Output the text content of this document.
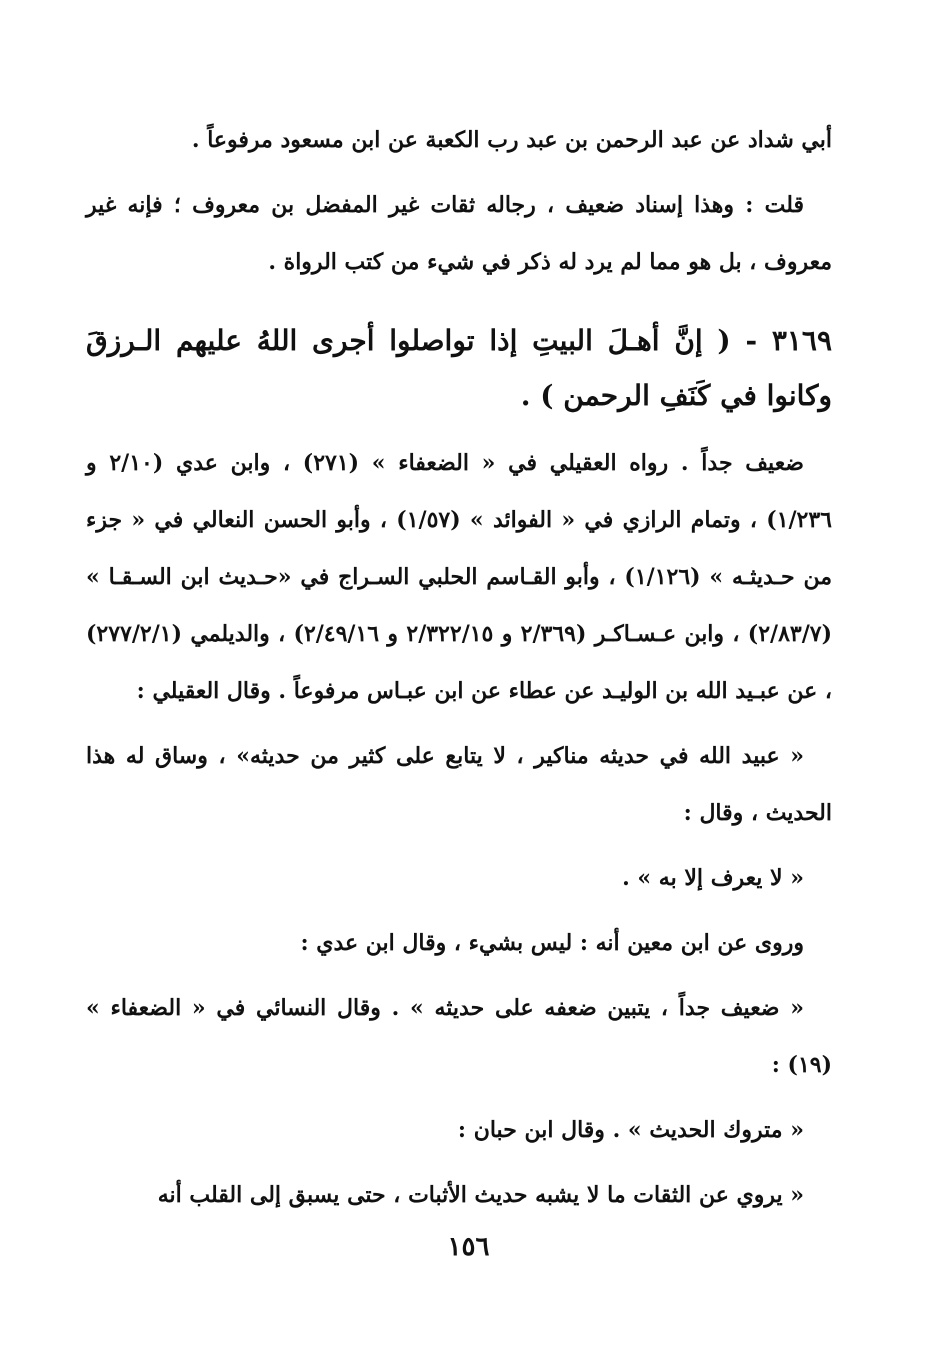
أبي شداد عن عبد الرحمن بن عبد رب الكعبة عن ابن مسعود مرفوعاً .

قلت : وهذا إسناد ضعيف ، رجاله ثقات غير المفضل بن معروف ؛ فإنه غير معروف ، بل هو مما لم يرد له ذكر في شيء من كتب الرواة .

٣١٦٩ - ( إنَّ أهـلَ البيتِ إذا تواصلوا أجرى اللهُ عليهم الـرزقَ وكانوا في كَنَفِ الرحمن ) .

ضعيف جداً . رواه العقيلي في « الضعفاء » (٢٧١) ، وابن عدي (٢/١٠ و ١/٢٣٦) ، وتمام الرازي في « الفوائد » (١/٥٧) ، وأبو الحسن النعالي في « جزء من حـديثـه » (١/١٢٦) ، وأبو القـاسم الحلبي السـراج في «حـديث ابن السـقـا » (٢/٨٣/٧) ، وابن عـسـاكـر (٢/٣٦٩ و ٢/٣٢٢/١٥ و ٢/٤٩/١٦) ، والديلمي (٢٧٧/٢/١) ، عن عبـيد الله بن الوليـد عن عطاء عن ابن عبـاس مرفوعاً . وقال العقيلي :

« عبيد الله في حديثه مناكير ، لا يتابع على كثير من حديثه» ، وساق له هذا الحديث ، وقال :

« لا يعرف إلا به » .

وروى عن ابن معين أنه : ليس بشيء ، وقال ابن عدي :

« ضعيف جداً ، يتبين ضعفه على حديثه » . وقال النسائي في « الضعفاء » (١٩) :

« متروك الحديث » . وقال ابن حبان :

« يروي عن الثقات ما لا يشبه حديث الأثبات ، حتى يسبق إلى القلب أنه

١٥٦
